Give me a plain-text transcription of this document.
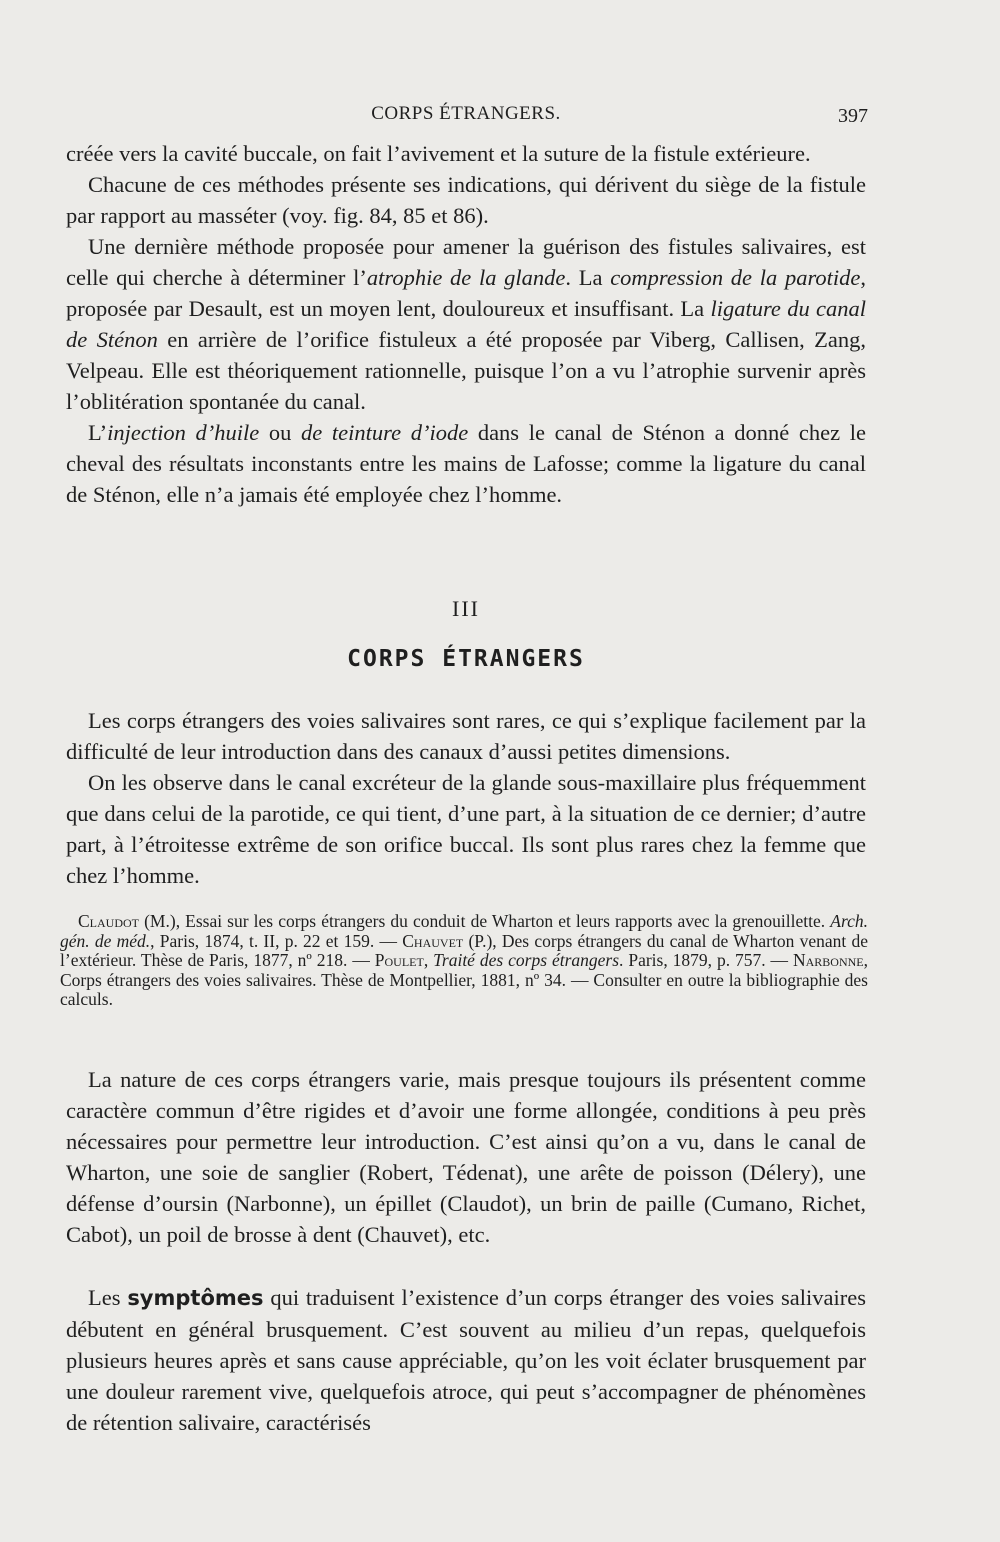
CORPS ÉTRANGERS.	397

créée vers la cavité buccale, on fait l’avivement et la suture de la fistule extérieure.

Chacune de ces méthodes présente ses indications, qui dérivent du siège de la fistule par rapport au masséter (voy. fig. 84, 85 et 86).

Une dernière méthode proposée pour amener la guérison des fistules salivaires, est celle qui cherche à déterminer l’atrophie de la glande. La compression de la parotide, proposée par Desault, est un moyen lent, douloureux et insuffisant. La ligature du canal de Sténon en arrière de l’orifice fistuleux a été proposée par Viberg, Callisen, Zang, Velpeau. Elle est théoriquement rationnelle, puisque l’on a vu l’atrophie survenir après l’oblitération spontanée du canal.

L’injection d’huile ou de teinture d’iode dans le canal de Sténon a donné chez le cheval des résultats inconstants entre les mains de Lafosse; comme la ligature du canal de Sténon, elle n’a jamais été employée chez l’homme.

III
CORPS ÉTRANGERS

Les corps étrangers des voies salivaires sont rares, ce qui s’explique facilement par la difficulté de leur introduction dans des canaux d’aussi petites dimensions.

On les observe dans le canal excréteur de la glande sous-maxillaire plus fréquemment que dans celui de la parotide, ce qui tient, d’une part, à la situation de ce dernier; d’autre part, à l’étroitesse extrême de son orifice buccal. Ils sont plus rares chez la femme que chez l’homme.

Claudot (M.), Essai sur les corps étrangers du conduit de Wharton et leurs rapports avec la grenouillette. Arch. gén. de méd., Paris, 1874, t. II, p. 22 et 159. — Chauvet (P.), Des corps étrangers du canal de Wharton venant de l’extérieur. Thèse de Paris, 1877, nº 218. — Poulet, Traité des corps étrangers. Paris, 1879, p. 757. — Narbonne, Corps étrangers des voies salivaires. Thèse de Montpellier, 1881, nº 34. — Consulter en outre la bibliographie des calculs.

La nature de ces corps étrangers varie, mais presque toujours ils présentent comme caractère commun d’être rigides et d’avoir une forme allongée, conditions à peu près nécessaires pour permettre leur introduction. C’est ainsi qu’on a vu, dans le canal de Wharton, une soie de sanglier (Robert, Tédenat), une arête de poisson (Délery), une défense d’oursin (Narbonne), un épillet (Claudot), un brin de paille (Cumano, Richet, Cabot), un poil de brosse à dent (Chauvet), etc.

Les symptômes qui traduisent l’existence d’un corps étranger des voies salivaires débutent en général brusquement. C’est souvent au milieu d’un repas, quelquefois plusieurs heures après et sans cause appréciable, qu’on les voit éclater brusquement par une douleur rarement vive, quelquefois atroce, qui peut s’accompagner de phénomènes de rétention salivaire, caractérisés
